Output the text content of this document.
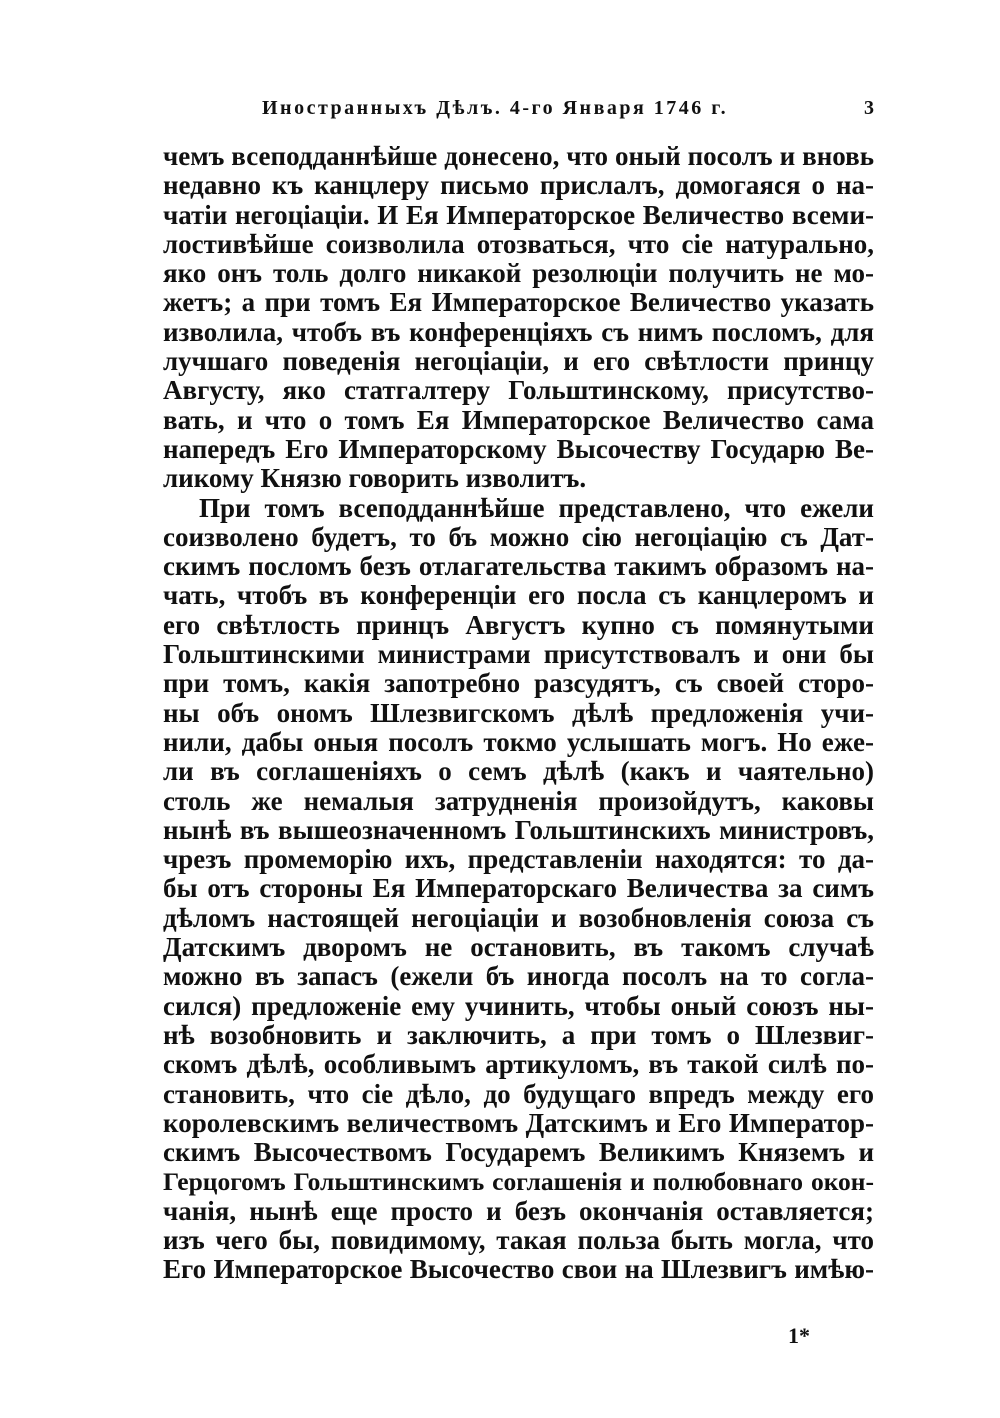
Иностранныхъ Дѣлъ. 4-го Января 1746 г.	3
чемъ всеподданнѣйше донесено, что оный посолъ и вновь
недавно къ канцлеру письмо прислалъ, домогаяся о на-
чатіи негоціаціи. И Ея Императорское Величество всеми-
лостивѣйше соизволила отозваться, что сіе натурально,
яко онъ толь долго никакой резолюціи получить не мо-
жетъ; а при томъ Ея Императорское Величество указать
изволила, чтобъ въ конференціяхъ съ нимъ посломъ, для
лучшаго поведенія негоціаціи, и его свѣтлости принцу
Августу, яко статгалтеру Гольштинскому, присутство-
вать, и что о томъ Ея Императорское Величество сама
напередъ Его Императорскому Высочеству Государю Ве-
ликому Князю говорить изволитъ.
При томъ всеподданнѣйше представлено, что ежели
соизволено будетъ, то бъ можно сію негоціацію съ Дат-
скимъ посломъ безъ отлагательства такимъ образомъ на-
чать, чтобъ въ конференціи его посла съ канцлеромъ и
его свѣтлость принцъ Августъ купно съ помянутыми
Гольштинскими министрами присутствовалъ и они бы
при томъ, какія запотребно разсудятъ, съ своей сторо-
ны объ ономъ Шлезвигскомъ дѣлѣ предложенія учи-
нили, дабы оныя посолъ токмо услышать могъ. Но еже-
ли въ соглашеніяхъ о семъ дѣлѣ (какъ и чаятельно)
столь же немалыя затрудненія произойдутъ, каковы
нынѣ въ вышеозначенномъ Гольштинскихъ министровъ,
чрезъ промеморію ихъ, представленіи находятся: то да-
бы отъ стороны Ея Императорскаго Величества за симъ
дѣломъ настоящей негоціаціи и возобновленія союза съ
Датскимъ дворомъ не остановить, въ такомъ случаѣ
можно въ запасъ (ежели бъ иногда посолъ на то согла-
сился) предложеніе ему учинить, чтобы оный союзъ ны-
нѣ возобновить и заключить, а при томъ о Шлезвиг-
скомъ дѣлѣ, особливымъ артикуломъ, въ такой силѣ по-
становить, что сіе дѣло, до будущаго впредъ между его
королевскимъ величествомъ Датскимъ и Его Император-
скимъ Высочествомъ Государемъ Великимъ Княземъ и
Герцогомъ Гольштинскимъ соглашенія и полюбовнаго окон-
чанія, нынѣ еще просто и безъ окончанія оставляется;
изъ чего бы, повидимому, такая польза быть могла, что
Его Императорское Высочество свои на Шлезвигъ имѣю-
1*
